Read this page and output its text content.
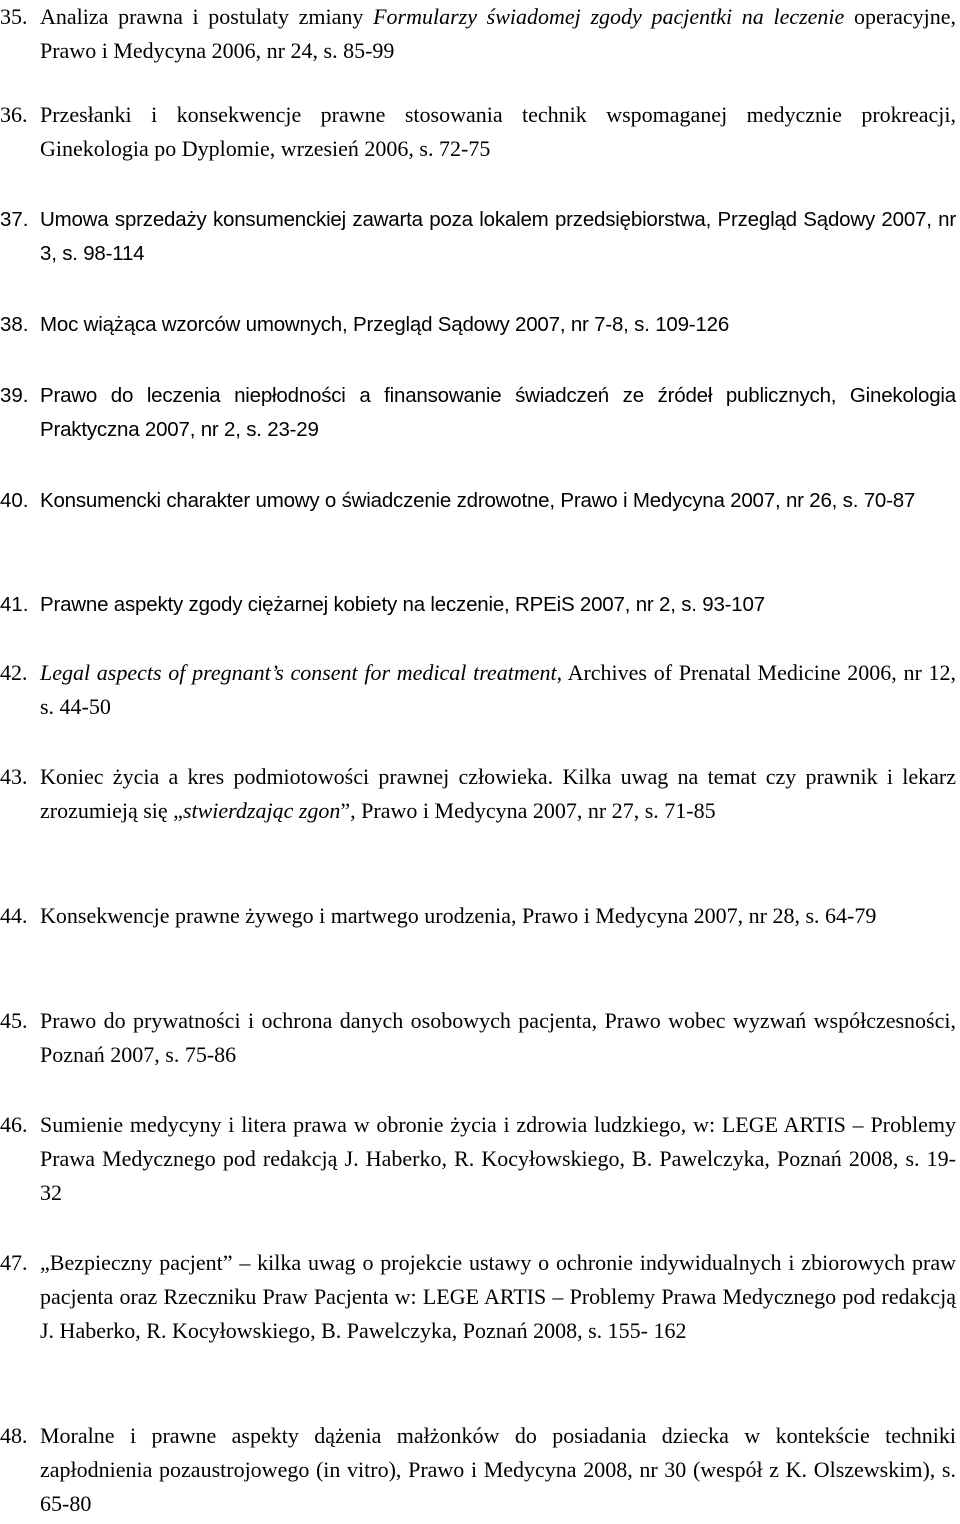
35. Analiza prawna i postulaty zmiany Formularzy świadomej zgody pacjentki na leczenie operacyjne, Prawo i Medycyna 2006, nr 24, s. 85-99
36. Przesłanki i konsekwencje prawne stosowania technik wspomaganej medycznie prokreacji, Ginekologia po Dyplomie, wrzesień 2006, s. 72-75
37. Umowa sprzedaży konsumenckiej zawarta poza lokalem przedsiębiorstwa, Przegląd Sądowy 2007, nr 3, s. 98-114
38. Moc wiążąca wzorców umownych, Przegląd Sądowy 2007, nr 7-8, s. 109-126
39. Prawo do leczenia niepłodności a finansowanie świadczeń ze źródeł publicznych, Ginekologia Praktyczna 2007, nr 2, s. 23-29
40. Konsumencki charakter umowy o świadczenie zdrowotne, Prawo i Medycyna 2007, nr 26, s. 70-87
41. Prawne aspekty zgody ciężarnej kobiety na leczenie, RPEiS 2007, nr 2, s. 93-107
42. Legal aspects of pregnant’s consent for medical treatment, Archives of Prenatal Medicine 2006, nr 12, s. 44-50
43. Koniec życia a kres podmiotowości prawnej człowieka. Kilka uwag na temat czy prawnik i lekarz zrozumieją się „stwierdzając zgon”, Prawo i Medycyna 2007, nr 27, s. 71-85
44. Konsekwencje prawne żywego i martwego urodzenia, Prawo i Medycyna 2007, nr 28, s. 64-79
45. Prawo do prywatności i ochrona danych osobowych pacjenta, Prawo wobec wyzwań współczesności, Poznań 2007, s. 75-86
46. Sumienie medycyny i litera prawa w obronie życia i zdrowia ludzkiego, w: LEGE ARTIS – Problemy Prawa Medycznego pod redakcją J. Haberko, R. Kocyłowskiego, B. Pawelczyka, Poznań 2008, s. 19- 32
47. „Bezpieczny pacjent” – kilka uwag o projekcie ustawy o ochronie indywidualnych i zbiorowych praw pacjenta oraz Rzeczniku Praw Pacjenta w: LEGE ARTIS – Problemy Prawa Medycznego pod redakcją J. Haberko, R. Kocyłowskiego, B. Pawelczyka, Poznań 2008, s. 155- 162
48. Moralne i prawne aspekty dążenia małżonków do posiadania dziecka w kontekście techniki zapłodnienia pozaustrojowego (in vitro), Prawo i Medycyna 2008, nr 30 (wespół z K. Olszewskim), s. 65-80
